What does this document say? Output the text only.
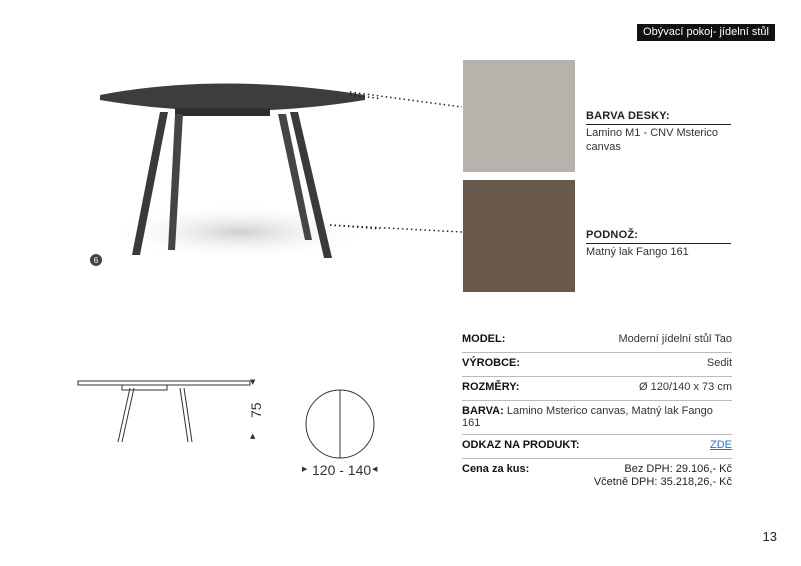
Obývací pokoj- jídelní stůl
6
BARVA DESKY:
Lamino M1 - CNV Msterico canvas
PODNOŽ:
Matný lak Fango 161
▼
▲
75
▶ 120 - 140 ◀
MODEL:	Moderní jídelní stůl Tao
VÝROBCE:	Sedit
ROZMĚRY:	Ø 120/140 x 73 cm
BARVA: Lamino Msterico canvas, Matný lak Fango 161
ODKAZ NA PRODUKT:	ZDE
Cena za kus:	Bez DPH: 29.106,- Kč
Včetně DPH: 35.218,26,- Kč
13
